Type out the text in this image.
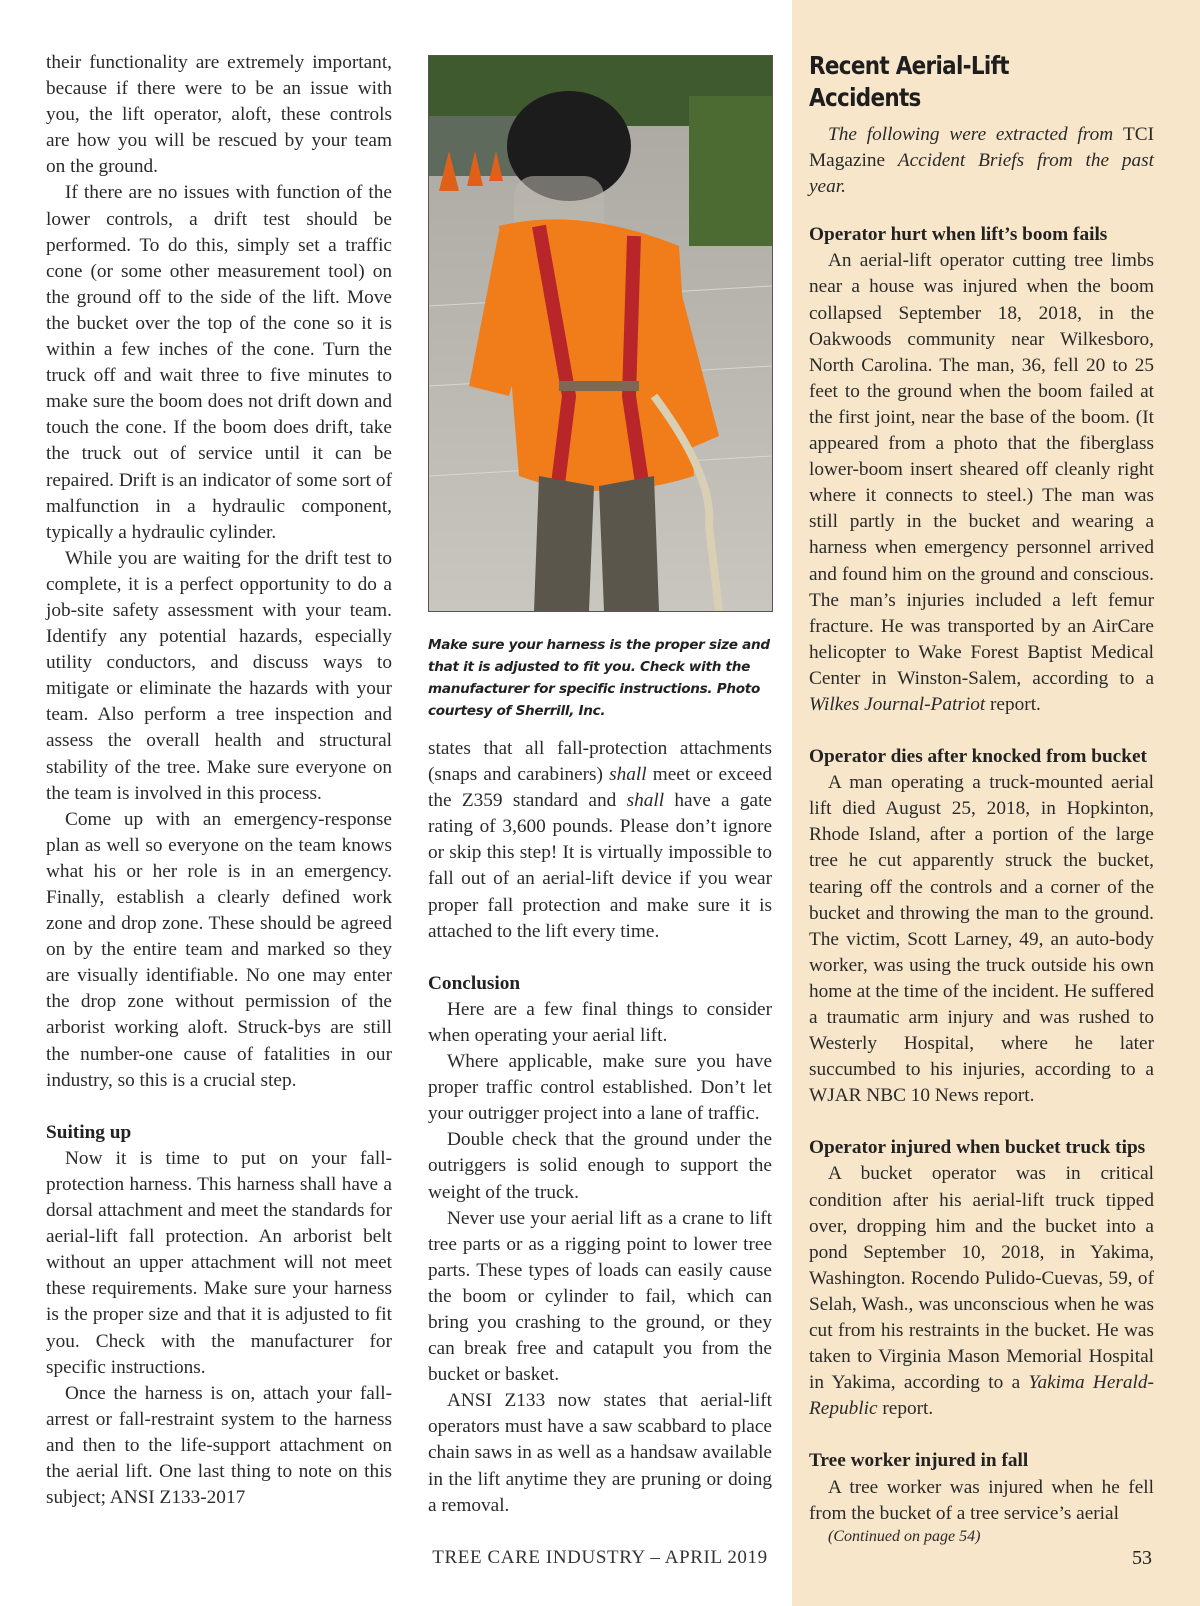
their functionality are extremely important, because if there were to be an issue with you, the lift operator, aloft, these controls are how you will be rescued by your team on the ground.

If there are no issues with function of the lower controls, a drift test should be performed. To do this, simply set a traffic cone (or some other measurement tool) on the ground off to the side of the lift. Move the bucket over the top of the cone so it is within a few inches of the cone. Turn the truck off and wait three to five minutes to make sure the boom does not drift down and touch the cone. If the boom does drift, take the truck out of service until it can be repaired. Drift is an indicator of some sort of malfunction in a hydraulic component, typically a hydraulic cylinder.

While you are waiting for the drift test to complete, it is a perfect opportunity to do a job-site safety assessment with your team. Identify any potential hazards, especially utility conductors, and discuss ways to mitigate or eliminate the hazards with your team. Also perform a tree inspection and assess the overall health and structural stability of the tree. Make sure everyone on the team is involved in this process.

Come up with an emergency-response plan as well so everyone on the team knows what his or her role is in an emergency. Finally, establish a clearly defined work zone and drop zone. These should be agreed on by the entire team and marked so they are visually identifiable. No one may enter the drop zone without permission of the arborist working aloft. Struck-bys are still the number-one cause of fatalities in our industry, so this is a crucial step.

Suiting up

Now it is time to put on your fall-protection harness. This harness shall have a dorsal attachment and meet the standards for aerial-lift fall protection. An arborist belt without an upper attachment will not meet these requirements. Make sure your harness is the proper size and that it is adjusted to fit you. Check with the manufacturer for specific instructions.

Once the harness is on, attach your fall-arrest or fall-restraint system to the harness and then to the life-support attachment on the aerial lift. One last thing to note on this subject; ANSI Z133-2017

Make sure your harness is the proper size and that it is adjusted to fit you. Check with the manufacturer for specific instructions. Photo courtesy of Sherrill, Inc.

states that all fall-protection attachments (snaps and carabiners) shall meet or exceed the Z359 standard and shall have a gate rating of 3,600 pounds. Please don’t ignore or skip this step! It is virtually impossible to fall out of an aerial-lift device if you wear proper fall protection and make sure it is attached to the lift every time.

Conclusion

Here are a few final things to consider when operating your aerial lift.

Where applicable, make sure you have proper traffic control established. Don’t let your outrigger project into a lane of traffic.

Double check that the ground under the outriggers is solid enough to support the weight of the truck.

Never use your aerial lift as a crane to lift tree parts or as a rigging point to lower tree parts. These types of loads can easily cause the boom or cylinder to fail, which can bring you crashing to the ground, or they can break free and catapult you from the bucket or basket.

ANSI Z133 now states that aerial-lift operators must have a saw scabbard to place chain saws in as well as a handsaw available in the lift anytime they are pruning or doing a removal.

Recent Aerial-Lift Accidents

The following were extracted from TCI Magazine Accident Briefs from the past year.

Operator hurt when lift’s boom fails

An aerial-lift operator cutting tree limbs near a house was injured when the boom collapsed September 18, 2018, in the Oakwoods community near Wilkesboro, North Carolina. The man, 36, fell 20 to 25 feet to the ground when the boom failed at the first joint, near the base of the boom. (It appeared from a photo that the fiberglass lower-boom insert sheared off cleanly right where it connects to steel.) The man was still partly in the bucket and wearing a harness when emergency personnel arrived and found him on the ground and conscious. The man’s injuries included a left femur fracture. He was transported by an AirCare helicopter to Wake Forest Baptist Medical Center in Winston-Salem, according to a Wilkes Journal-Patriot report.

Operator dies after knocked from bucket

A man operating a truck-mounted aerial lift died August 25, 2018, in Hopkinton, Rhode Island, after a portion of the large tree he cut apparently struck the bucket, tearing off the controls and a corner of the bucket and throwing the man to the ground. The victim, Scott Larney, 49, an auto-body worker, was using the truck outside his own home at the time of the incident. He suffered a traumatic arm injury and was rushed to Westerly Hospital, where he later succumbed to his injuries, according to a WJAR NBC 10 News report.

Operator injured when bucket truck tips

A bucket operator was in critical condition after his aerial-lift truck tipped over, dropping him and the bucket into a pond September 10, 2018, in Yakima, Washington. Rocendo Pulido-Cuevas, 59, of Selah, Wash., was unconscious when he was cut from his restraints in the bucket. He was taken to Virginia Mason Memorial Hospital in Yakima, according to a Yakima Herald-Republic report.

Tree worker injured in fall

A tree worker was injured when he fell from the bucket of a tree service’s aerial

(Continued on page 54)

TREE CARE INDUSTRY – APRIL 2019	53
